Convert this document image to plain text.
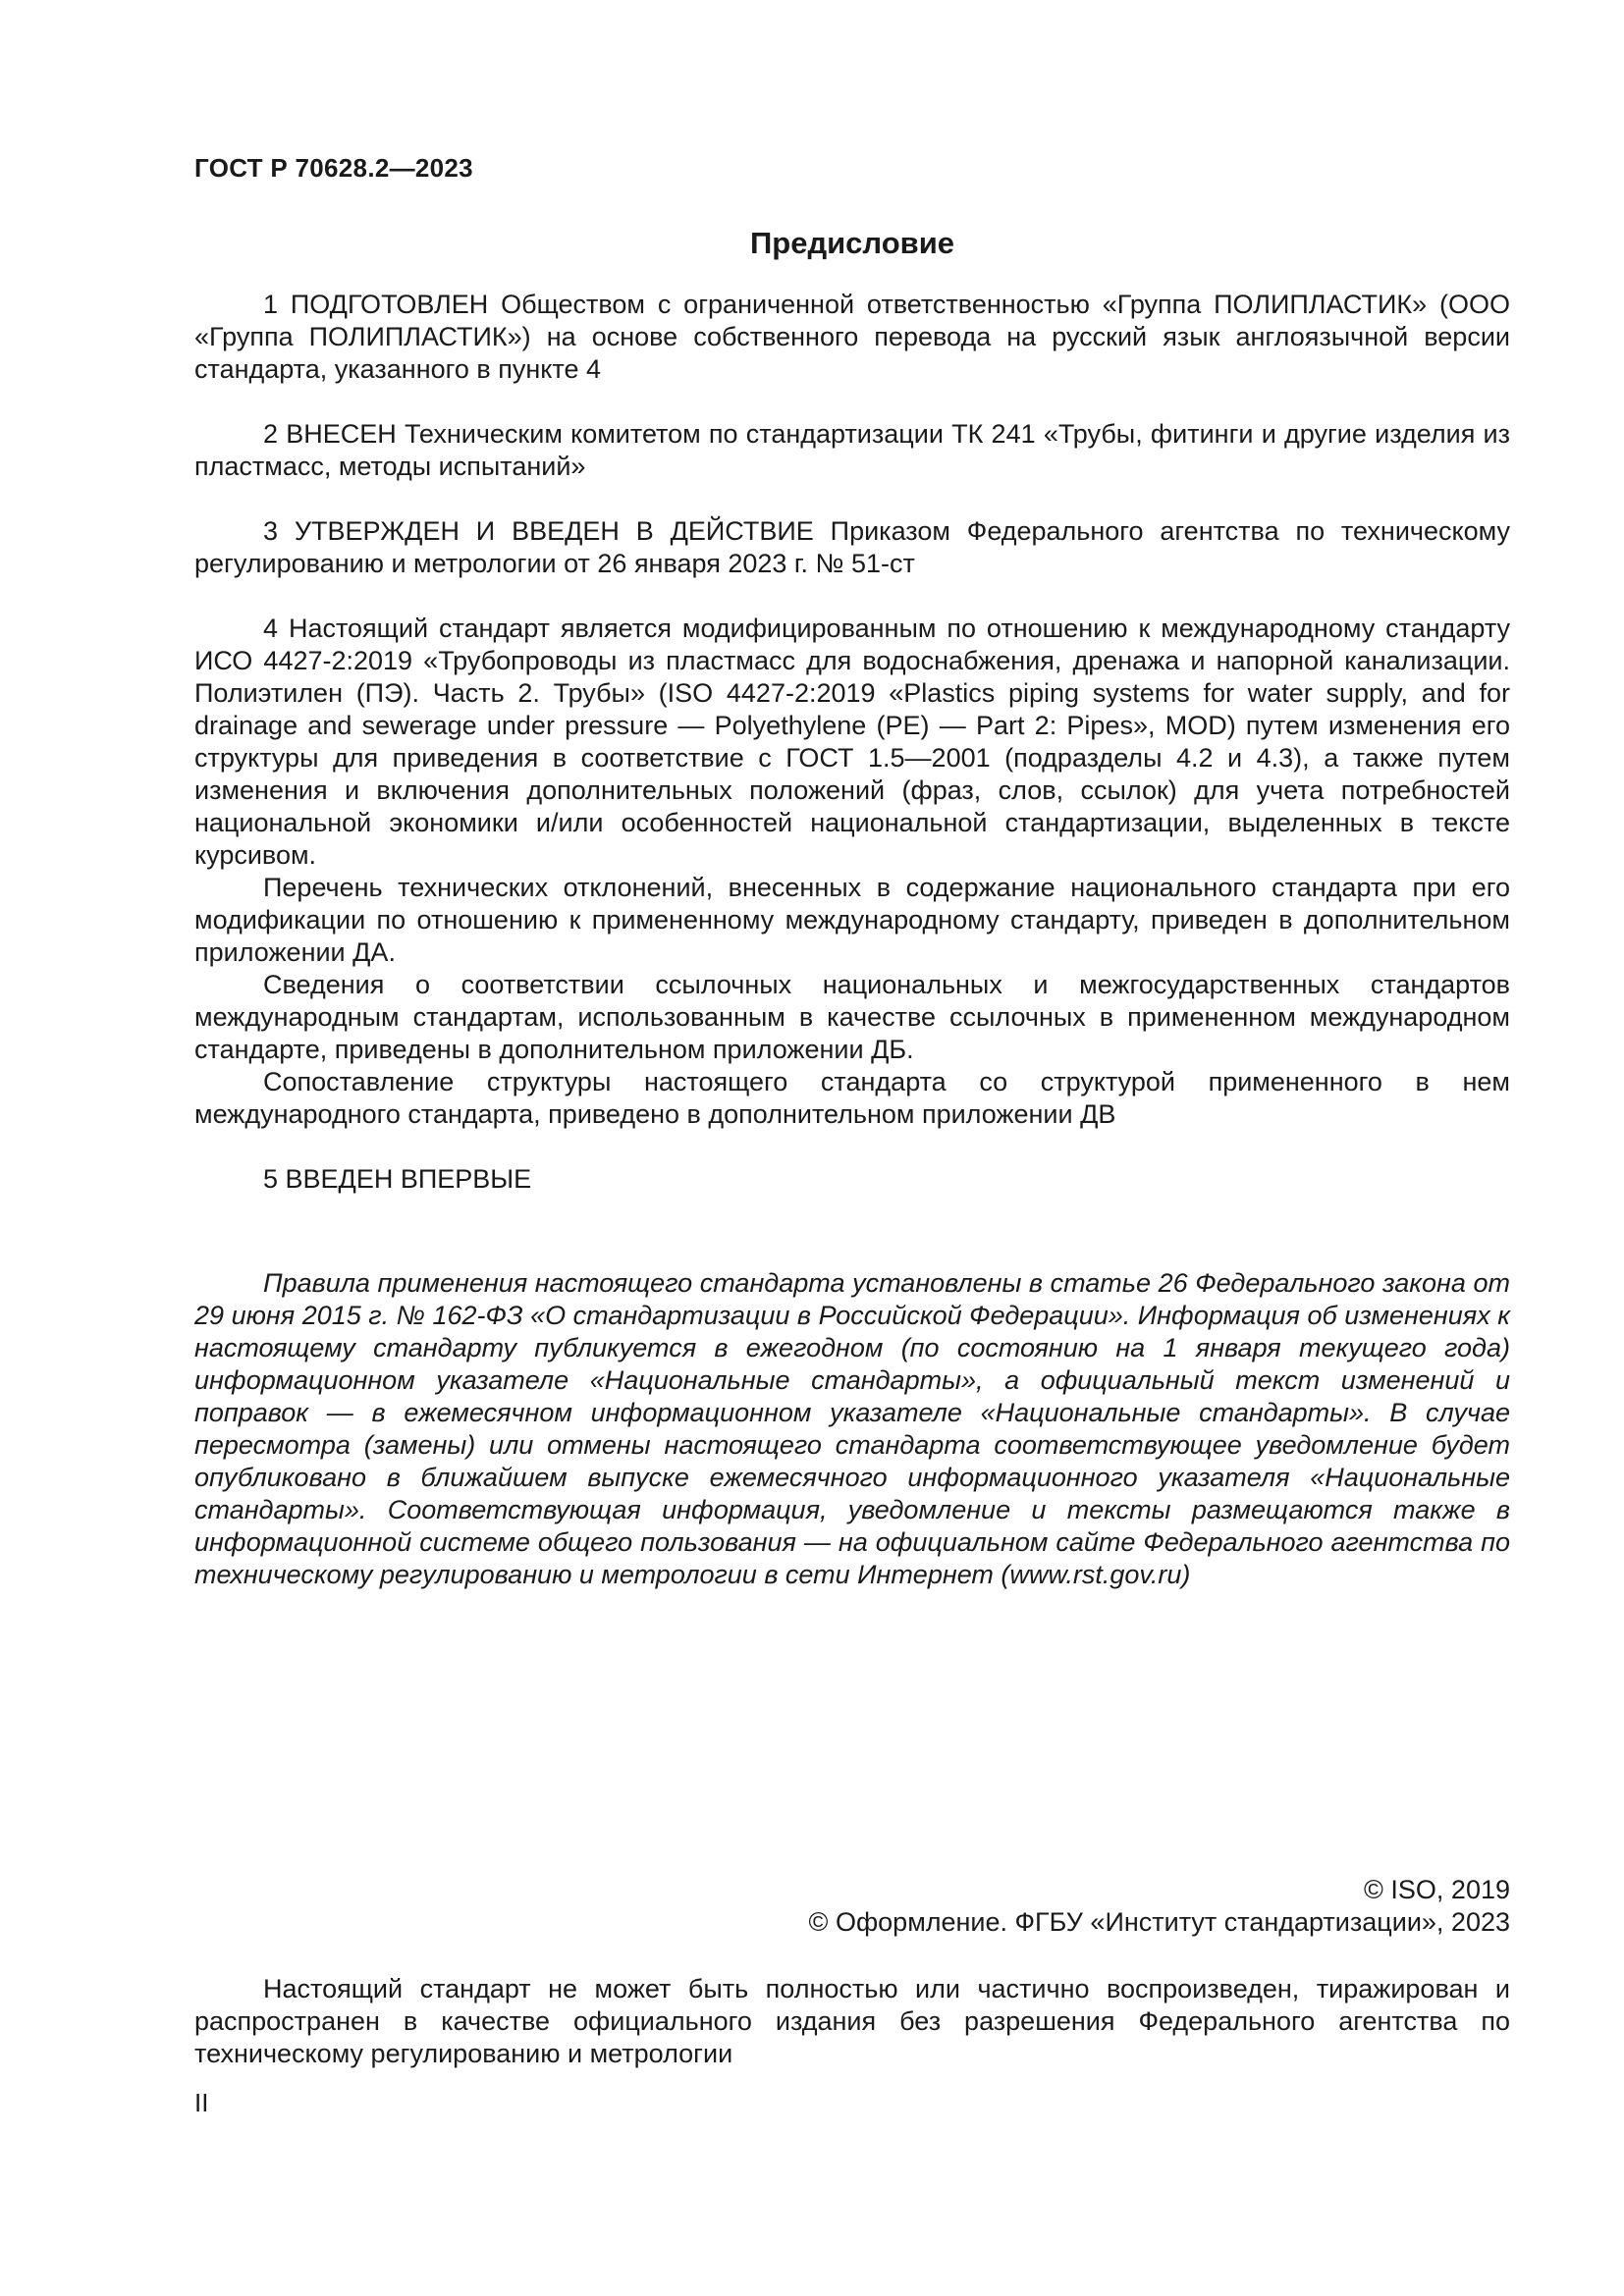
ГОСТ Р 70628.2—2023
Предисловие

1 ПОДГОТОВЛЕН Обществом с ограниченной ответственностью «Группа ПОЛИПЛАСТИК» (ООО «Группа ПОЛИПЛАСТИК») на основе собственного перевода на русский язык англоязычной версии стандарта, указанного в пункте 4

2 ВНЕСЕН Техническим комитетом по стандартизации ТК 241 «Трубы, фитинги и другие изделия из пластмасс, методы испытаний»

3 УТВЕРЖДЕН И ВВЕДЕН В ДЕЙСТВИЕ Приказом Федерального агентства по техническому регулированию и метрологии от 26 января 2023 г. № 51-ст

4 Настоящий стандарт является модифицированным по отношению к международному стандарту ИСО 4427-2:2019 «Трубопроводы из пластмасс для водоснабжения, дренажа и напорной канализации. Полиэтилен (ПЭ). Часть 2. Трубы» (ISO 4427-2:2019 «Plastics piping systems for water supply, and for drainage and sewerage under pressure — Polyethylene (PE) — Part 2: Pipes», MOD) путем изменения его структуры для приведения в соответствие с ГОСТ 1.5—2001 (подразделы 4.2 и 4.3), а также путем изменения и включения дополнительных положений (фраз, слов, ссылок) для учета потребностей национальной экономики и/или особенностей национальной стандартизации, выделенных в тексте курсивом.

Перечень технических отклонений, внесенных в содержание национального стандарта при его модификации по отношению к примененному международному стандарту, приведен в дополнительном приложении ДА.

Сведения о соответствии ссылочных национальных и межгосударственных стандартов международным стандартам, использованным в качестве ссылочных в примененном международном стандарте, приведены в дополнительном приложении ДБ.

Сопоставление структуры настоящего стандарта со структурой примененного в нем международного стандарта, приведено в дополнительном приложении ДВ

5 ВВЕДЕН ВПЕРВЫЕ

Правила применения настоящего стандарта установлены в статье 26 Федерального закона от 29 июня 2015 г. № 162-ФЗ «О стандартизации в Российской Федерации». Информация об изменениях к настоящему стандарту публикуется в ежегодном (по состоянию на 1 января текущего года) информационном указателе «Национальные стандарты», а официальный текст изменений и поправок — в ежемесячном информационном указателе «Национальные стандарты». В случае пересмотра (замены) или отмены настоящего стандарта соответствующее уведомление будет опубликовано в ближайшем выпуске ежемесячного информационного указателя «Национальные стандарты». Соответствующая информация, уведомление и тексты размещаются также в информационной системе общего пользования — на официальном сайте Федерального агентства по техническому регулированию и метрологии в сети Интернет (www.rst.gov.ru)

© ISO, 2019
© Оформление. ФГБУ «Институт стандартизации», 2023

Настоящий стандарт не может быть полностью или частично воспроизведен, тиражирован и распространен в качестве официального издания без разрешения Федерального агентства по техническому регулированию и метрологии

II
